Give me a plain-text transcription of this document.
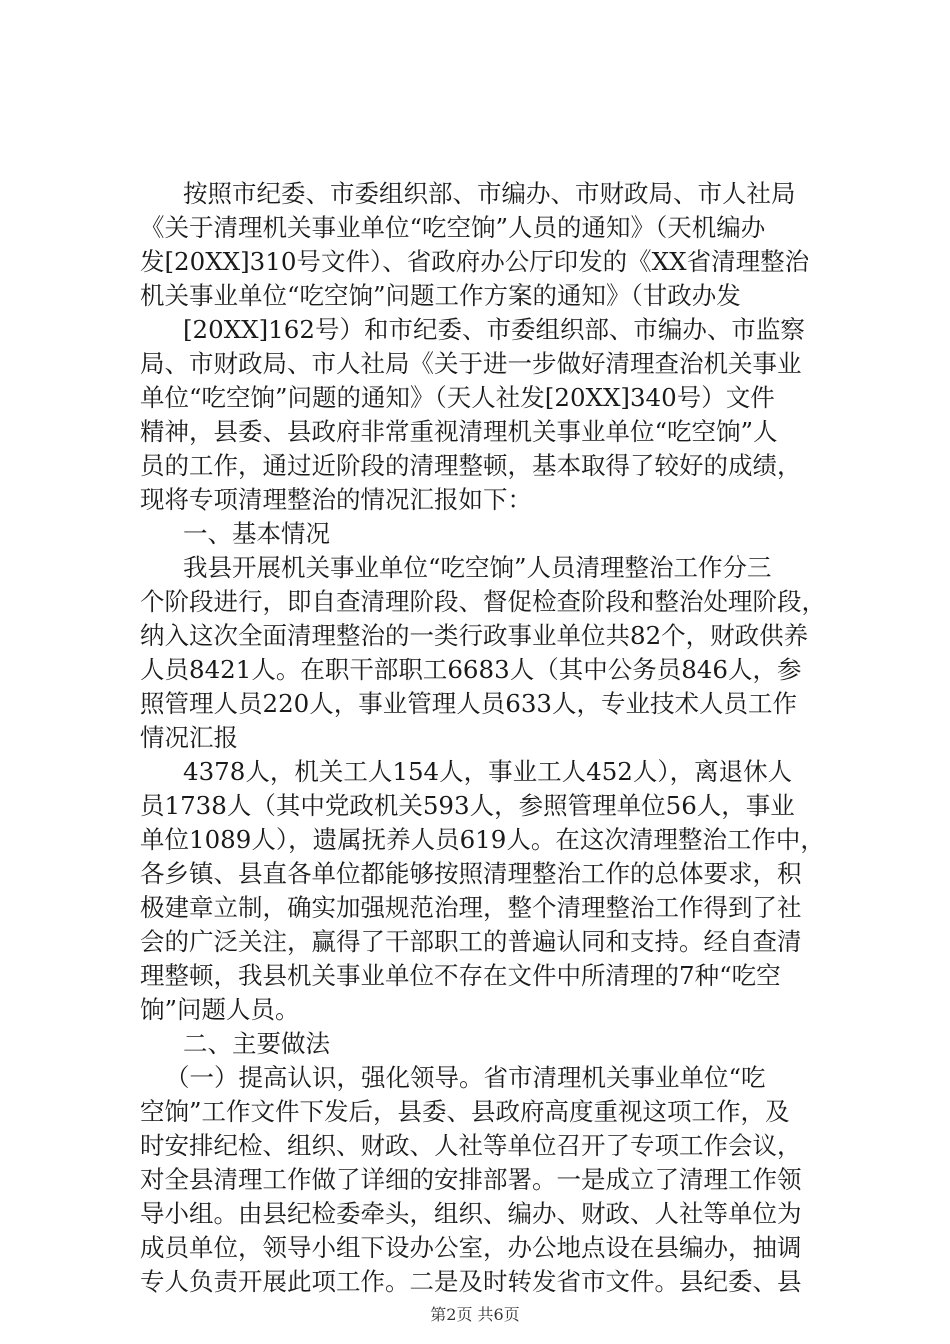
按照市纪委、市委组织部、市编办、市财政局、市人社局
《关于清理机关事业单位“吃空饷”人员的通知》（天机编办
发[20XX]310号文件）、省政府办公厅印发的《XX省清理整治
机关事业单位“吃空饷”问题工作方案的通知》（甘政办发
[20XX]162号）和市纪委、市委组织部、市编办、市监察
局、市财政局、市人社局《关于进一步做好清理查治机关事业
单位“吃空饷”问题的通知》（天人社发[20XX]340号）文件
精神，县委、县政府非常重视清理机关事业单位“吃空饷”人
员的工作，通过近阶段的清理整顿，基本取得了较好的成绩，
现将专项清理整治的情况汇报如下：
一、基本情况
我县开展机关事业单位“吃空饷”人员清理整治工作分三
个阶段进行，即自查清理阶段、督促检查阶段和整治处理阶段，
纳入这次全面清理整治的一类行政事业单位共82个，财政供养
人员8421人。在职干部职工6683人（其中公务员846人，参
照管理人员220人，事业管理人员633人，专业技术人员工作
情况汇报
4378人，机关工人154人，事业工人452人），离退休人
员1738人（其中党政机关593人，参照管理单位56人，事业
单位1089人），遗属抚养人员619人。在这次清理整治工作中，
各乡镇、县直各单位都能够按照清理整治工作的总体要求，积
极建章立制，确实加强规范治理，整个清理整治工作得到了社
会的广泛关注，赢得了干部职工的普遍认同和支持。经自查清
理整顿，我县机关事业单位不存在文件中所清理的7种“吃空
饷”问题人员。
二、主要做法
（一）提高认识，强化领导。省市清理机关事业单位“吃
空饷”工作文件下发后，县委、县政府高度重视这项工作，及
时安排纪检、组织、财政、人社等单位召开了专项工作会议，
对全县清理工作做了详细的安排部署。一是成立了清理工作领
导小组。由县纪检委牵头，组织、编办、财政、人社等单位为
成员单位，领导小组下设办公室，办公地点设在县编办，抽调
专人负责开展此项工作。二是及时转发省市文件。县纪委、县
第2页 共6页
